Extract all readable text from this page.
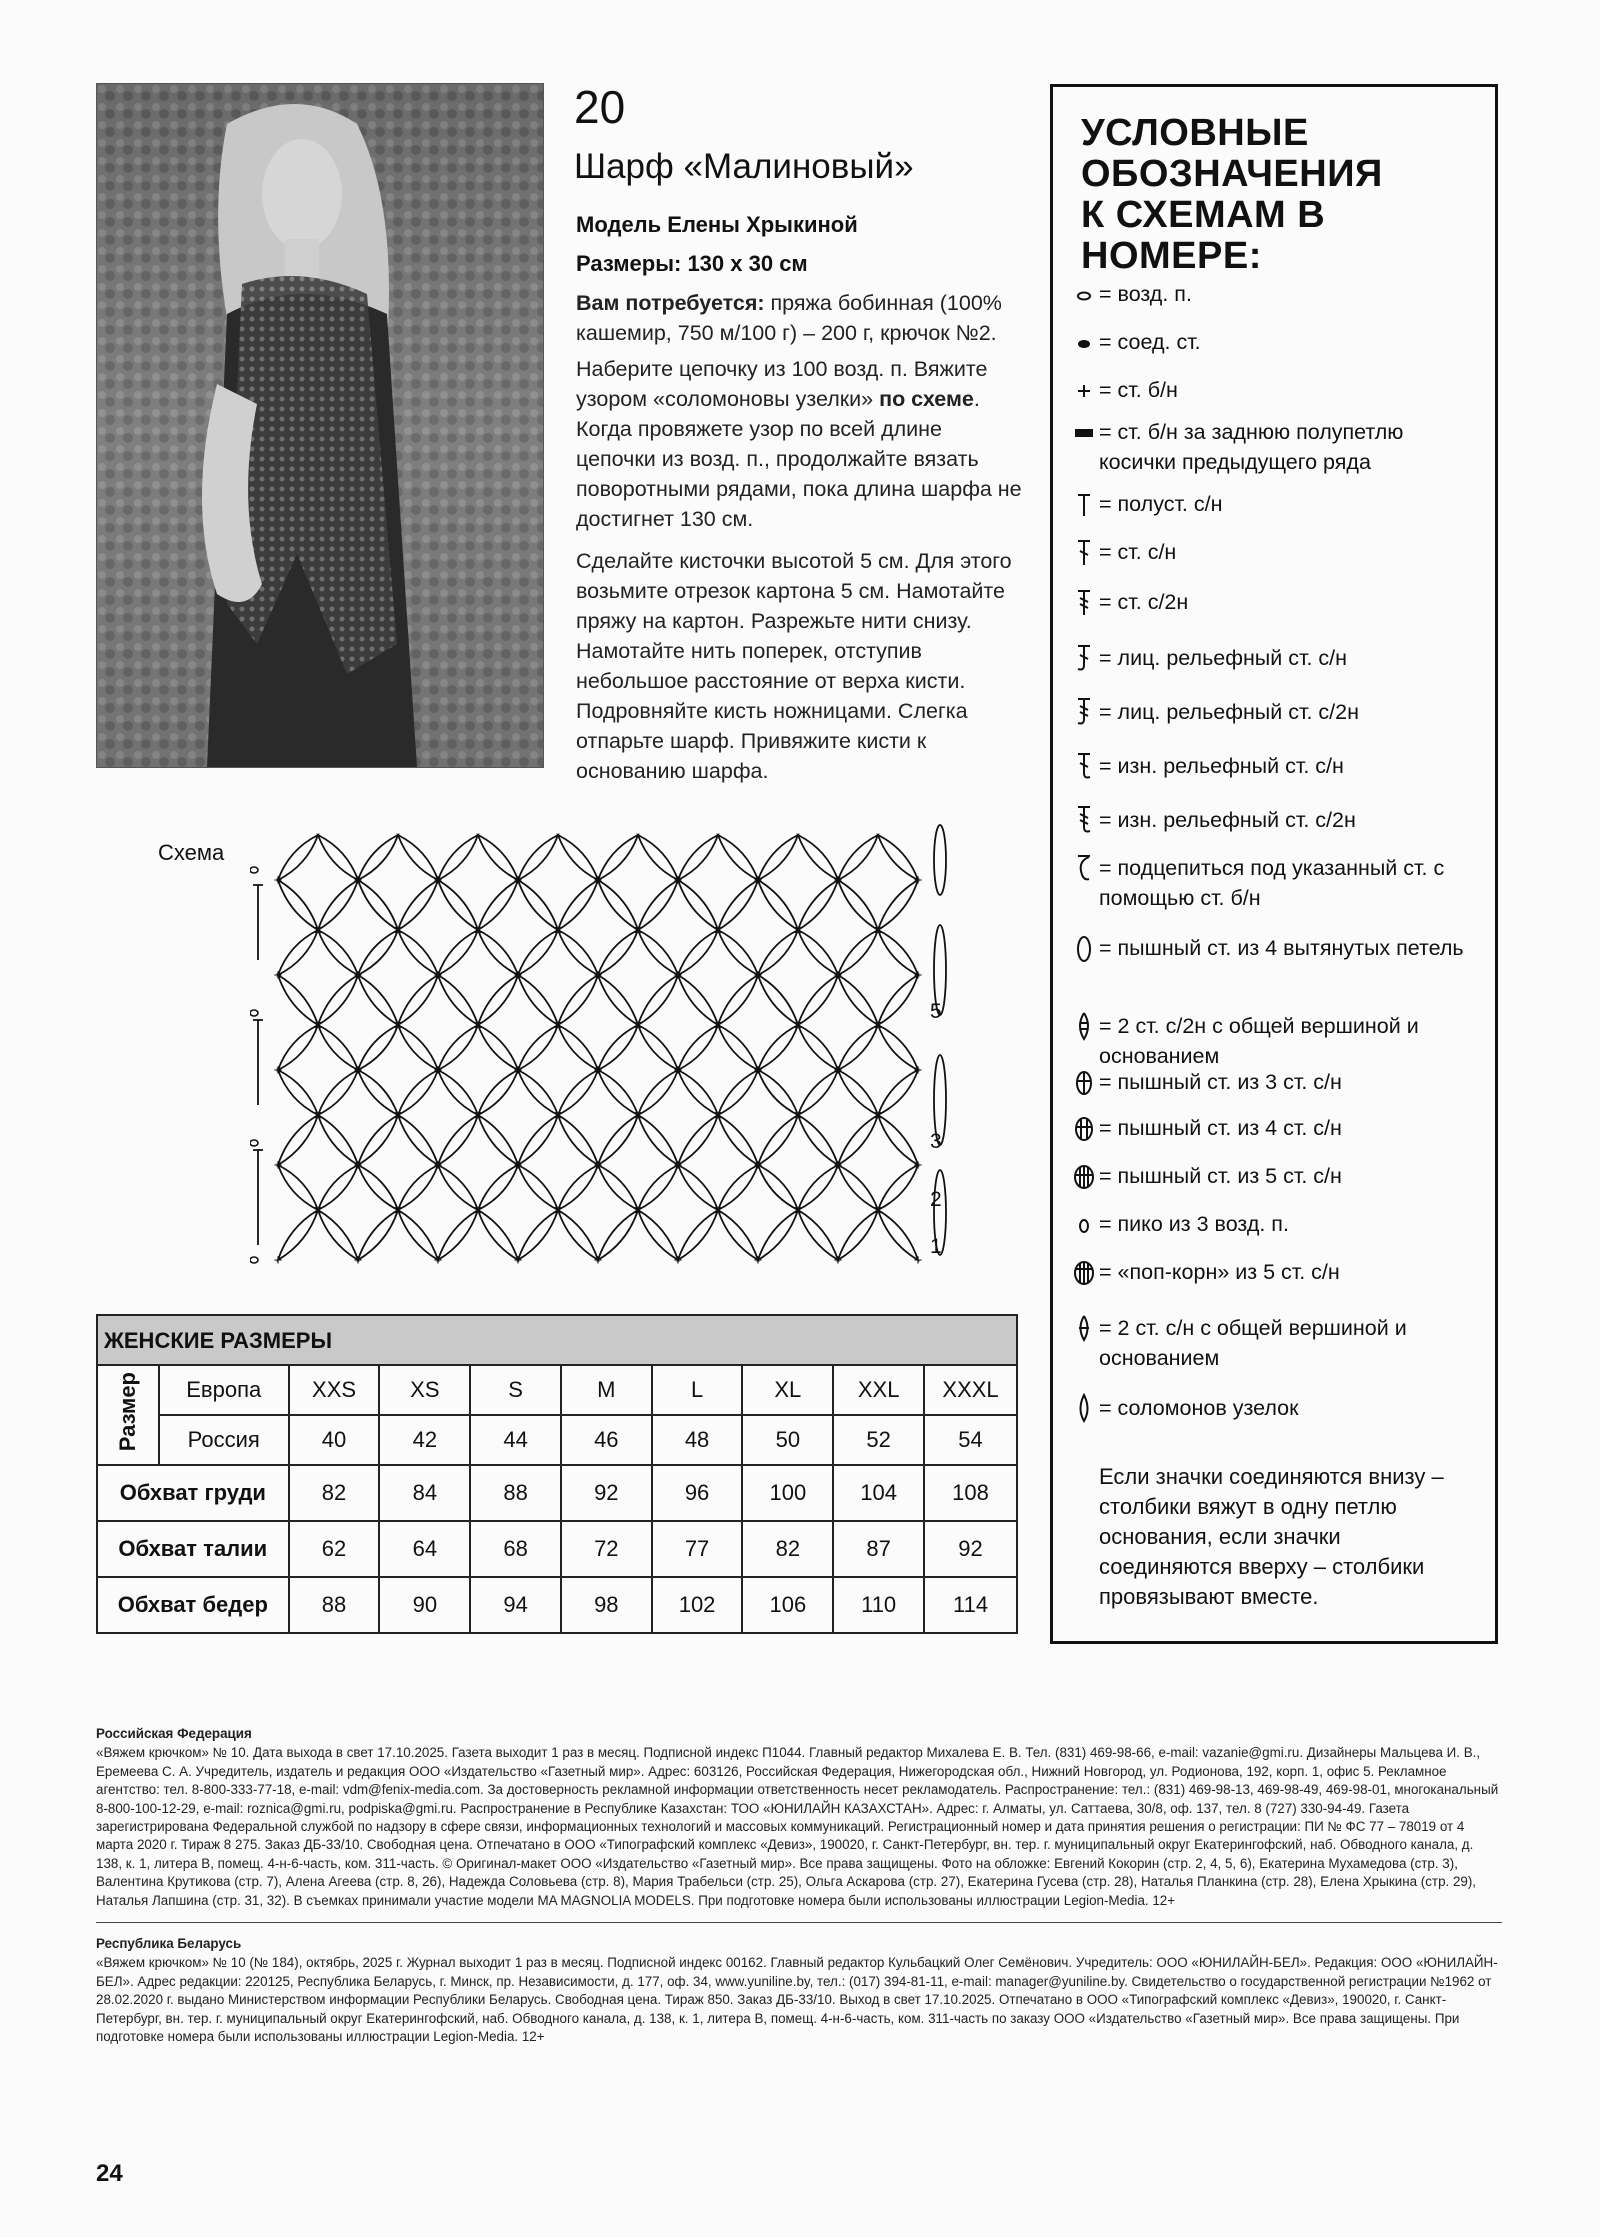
20
Шарф «Малиновый»
Модель Елены Хрыкиной
Размеры: 130 х 30 см

Вам потребуется: пряжа бобинная (100% кашемир, 750 м/100 г) – 200 г, крючок №2.

Наберите цепочку из 100 возд. п. Вяжите узором «соломоновы узелки» по схеме. Когда провяжете узор по всей длине цепочки из возд. п., продолжайте вязать поворотными рядами, пока длина шарфа не достигнет 130 см.

Сделайте кисточки высотой 5 см. Для этого возьмите отрезок картона 5 см. Намотайте пряжу на картон. Разрежьте нити снизу. Намотайте нить поперек, отступив небольшое расстояние от верха кисти. Подровняйте кисть ножницами. Слегка отпарьте шарф. Привяжите кисти к основанию шарфа.

Схема
+	+	+	+	+	+	+	+	+
×	×	×	×	×	×	×	×
+	+	+	+	+	+	+	+	+
×	×	×	×	×	×	×	×
+	+	+	+	+	+	+	+	+
×	×	×	×	×	×	×	×
+	+	+	+	+	+	+	+	+
×	×	×	×	×	×	×	×
+	+	+	+	+	+	+	+	+
5
3
2
1
ЖЕНСКИЕ РАЗМЕРЫ
Размер	Европа	XXS	XS	S	M	L	XL	XXL	XXXL
	Россия	40	42	44	46	48	50	52	54
Обхват груди		82	84	88	92	96	100	104	108
Обхват талии		62	64	68	72	77	82	87	92
Обхват бедер		88	90	94	98	102	106	110	114
УСЛОВНЫЕ
ОБОЗНАЧЕНИЯ
К СХЕМАМ В НОМЕРЕ:
= возд. п.
= соед. ст.
= ст. б/н
= ст. б/н за заднюю полупетлю косички предыдущего ряда
= полуст. с/н
= ст. с/н
= ст. с/2н
= лиц. рельефный ст. с/н
= лиц. рельефный ст. с/2н
= изн. рельефный ст. с/н
= изн. рельефный ст. с/2н
= подцепиться под указанный ст. с помощью ст. б/н
= пышный ст. из 4 вытянутых петель
= 2 ст. с/2н с общей вершиной и основанием
= пышный ст. из 3 ст. с/н
= пышный ст. из 4 ст. с/н
= пышный ст. из 5 ст. с/н
= пико из 3 возд. п.
= «поп-корн» из 5 ст. с/н
= 2 ст. с/н с общей вершиной и основанием
= соломонов узелок
Если значки соединяются внизу – столбики вяжут в одну петлю основания, если значки соединяются вверху – столбики провязывают вместе.
Российская Федерация
«Вяжем крючком» № 10. Дата выхода в свет 17.10.2025. Газета выходит 1 раз в месяц. Подписной индекс П1044. Главный редактор Михалева Е. В. Тел. (831) 469-98-66, e-mail: vazanie@gmi.ru. Дизайнеры Мальцева И. В., Еремеева С. А. Учредитель, издатель и редакция ООО «Издательство «Газетный мир». Адрес: 603126, Российская Федерация, Нижегородская обл., Нижний Новгород, ул. Родионова, 192, корп. 1, офис 5. Рекламное агентство: тел. 8-800-333-77-18, e-mail: vdm@fenix-media.com. За достоверность рекламной информации ответственность несет рекламодатель. Распространение: тел.: (831) 469-98-13, 469-98-49, 469-98-01, многоканальный 8-800-100-12-29, e-mail: roznica@gmi.ru, podpiska@gmi.ru. Распространение в Республике Казахстан: ТОО «ЮНИЛАЙН КАЗАХСТАН». Адрес: г. Алматы, ул. Саттаева, 30/8, оф. 137, тел. 8 (727) 330-94-49. Газета зарегистрирована Федеральной службой по надзору в сфере связи, информационных технологий и массовых коммуникаций. Регистрационный номер и дата принятия решения о регистрации: ПИ № ФС 77 – 78019 от 4 марта 2020 г. Тираж 8 275. Заказ ДБ-33/10. Свободная цена. Отпечатано в ООО «Типографский комплекс «Девиз», 190020, г. Санкт-Петербург, вн. тер. г. муниципальный округ Екатерингофский, наб. Обводного канала, д. 138, к. 1, литера В, помещ. 4-н-6-часть, ком. 311-часть. © Оригинал-макет ООО «Издательство «Газетный мир». Все права защищены. Фото на обложке: Евгений Кокорин (стр. 2, 4, 5, 6), Екатерина Мухамедова (стр. 3), Валентина Крутикова (стр. 7), Алена Агеева (стр. 8, 26), Надежда Соловьева (стр. 8), Мария Трабельси (стр. 25), Ольга Аскарова (стр. 27), Екатерина Гусева (стр. 28), Наталья Планкина (стр. 28), Елена Хрыкина (стр. 29), Наталья Лапшина (стр. 31, 32). В съемках принимали участие модели MA MAGNOLIA MODELS. При подготовке номера были использованы иллюстрации Legion-Media. 12+
Республика Беларусь
«Вяжем крючком» № 10 (№ 184), октябрь, 2025 г. Журнал выходит 1 раз в месяц. Подписной индекс 00162. Главный редактор Кульбацкий Олег Семёнович. Учредитель: ООО «ЮНИЛАЙН-БЕЛ». Редакция: ООО «ЮНИЛАЙН-БЕЛ». Адрес редакции: 220125, Республика Беларусь, г. Минск, пр. Независимости, д. 177, оф. 34, www.yuniline.by, тел.: (017) 394-81-11, e-mail: manager@yuniline.by. Свидетельство о государственной регистрации №1962 от 28.02.2020 г. выдано Министерством информации Республики Беларусь. Свободная цена. Тираж 850. Заказ ДБ-33/10. Выход в свет 17.10.2025. Отпечатано в ООО «Типографский комплекс «Девиз», 190020, г. Санкт-Петербург, вн. тер. г. муниципальный округ Екатерингофский, наб. Обводного канала, д. 138, к. 1, литера В, помещ. 4-н-6-часть, ком. 311-часть по заказу ООО «Издательство «Газетный мир». Все права защищены. При подготовке номера были использованы иллюстрации Legion-Media. 12+
24
